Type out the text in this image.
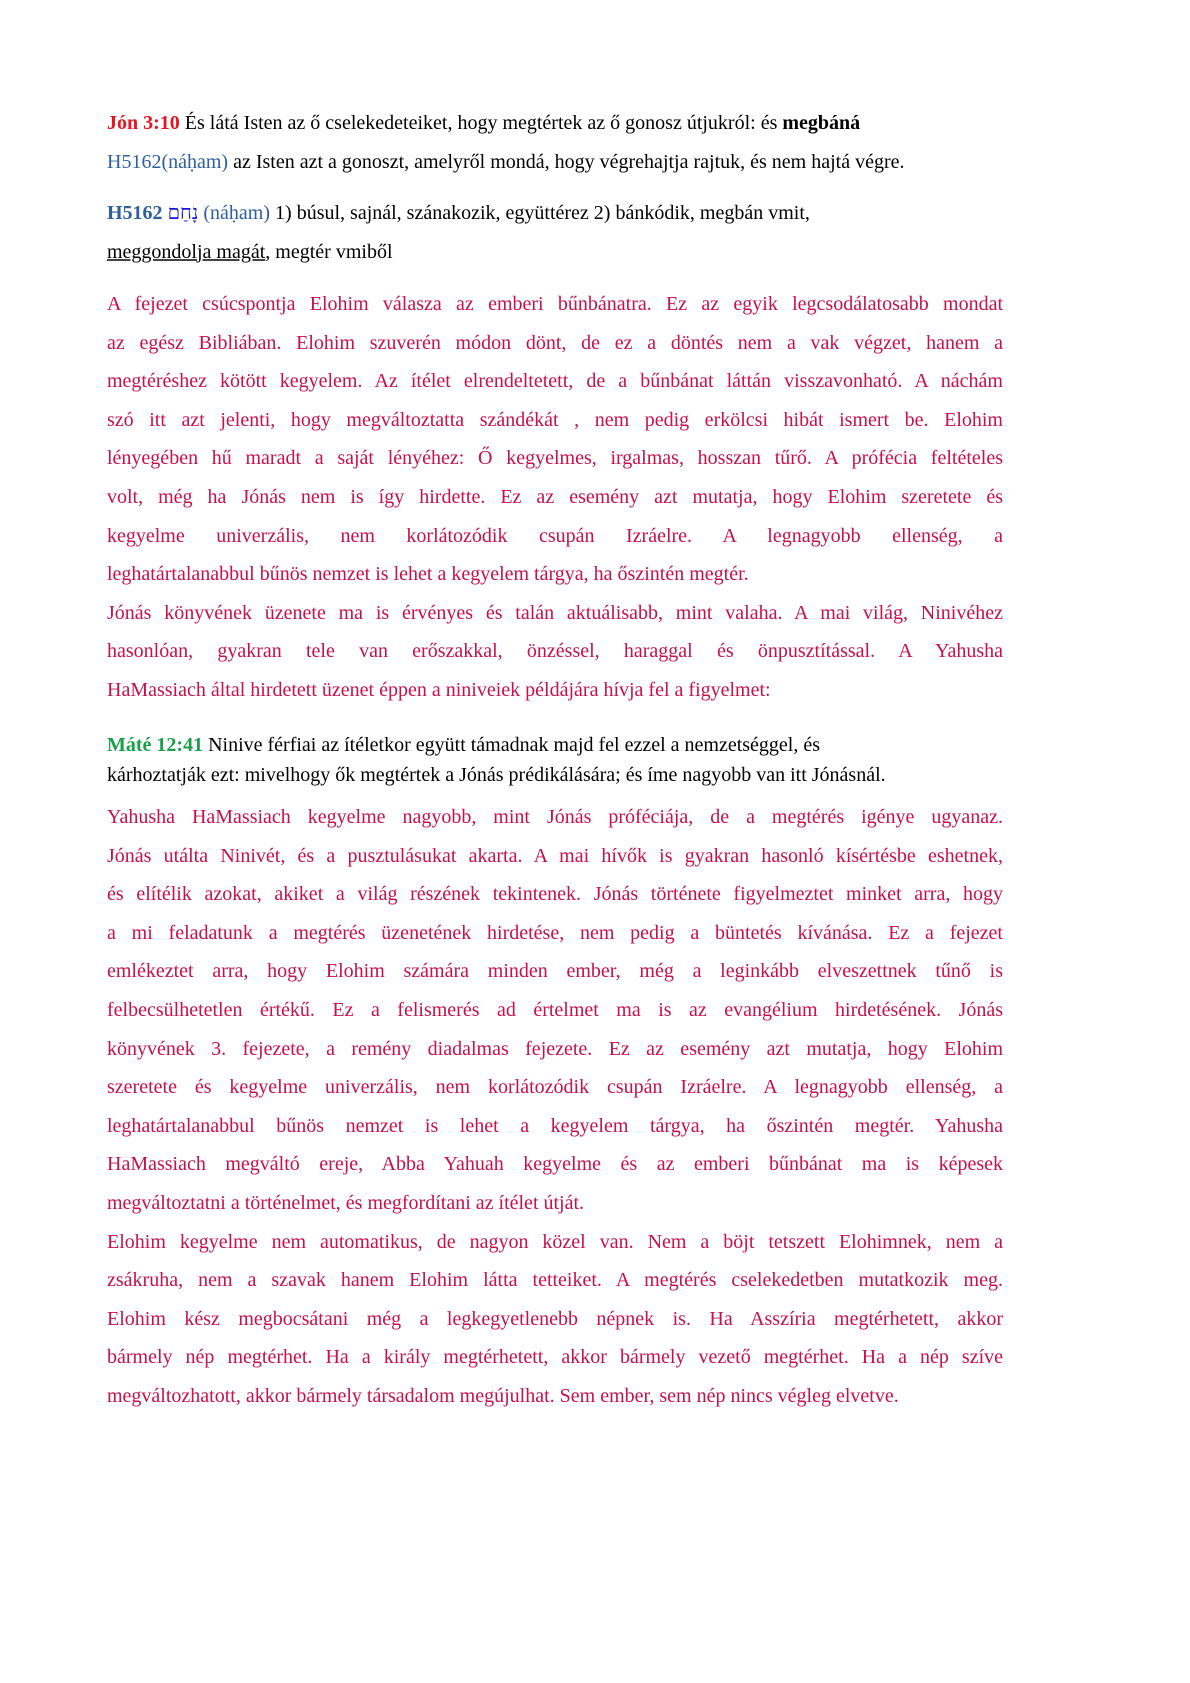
Jón 3:10 És látá Isten az ő cselekedeteiket, hogy megtértek az ő gonosz útjukról: és megbáná
H5162(náḥam) az Isten azt a gonoszt, amelyről mondá, hogy végrehajtja rajtuk, és nem hajtá végre.
H5162 נָחַם (náḥam) 1) búsul, sajnál, szánakozik, együttérez 2) bánkódik, megbán vmit,
meggondolja magát, megtér vmiből
A fejezet csúcspontja Elohim válasza az emberi bűnbánatra. Ez az egyik legcsodálatosabb mondat
az egész Bibliában. Elohim szuverén módon dönt, de ez a döntés nem a vak végzet, hanem a
megtéréshez kötött kegyelem. Az ítélet elrendeltetett, de a bűnbánat láttán visszavonható. A náchám
szó itt azt jelenti, hogy megváltoztatta szándékát , nem pedig erkölcsi hibát ismert be. Elohim
lényegében hű maradt a saját lényéhez: Ő kegyelmes, irgalmas, hosszan tűrő. A prófécia feltételes
volt, még ha Jónás nem is így hirdette. Ez az esemény azt mutatja, hogy Elohim szeretete és
kegyelme univerzális, nem korlátozódik csupán Izráelre. A legnagyobb ellenség, a
leghatártalanabbul bűnös nemzet is lehet a kegyelem tárgya, ha őszintén megtér.
Jónás könyvének üzenete ma is érvényes és talán aktuálisabb, mint valaha. A mai világ, Ninivéhez
hasonlóan, gyakran tele van erőszakkal, önzéssel, haraggal és önpusztítással. A Yahusha
HaMassiach által hirdetett üzenet éppen a niniveiek példájára hívja fel a figyelmet:
Máté 12:41 Ninive férfiai az ítéletkor együtt támadnak majd fel ezzel a nemzetséggel, és
kárhoztatják ezt: mivelhogy ők megtértek a Jónás prédikálására; és íme nagyobb van itt Jónásnál.
Yahusha HaMassiach kegyelme nagyobb, mint Jónás próféciája, de a megtérés igénye ugyanaz.
Jónás utálta Ninivét, és a pusztulásukat akarta. A mai hívők is gyakran hasonló kísértésbe eshetnek,
és elítélik azokat, akiket a világ részének tekintenek. Jónás története figyelmeztet minket arra, hogy
a mi feladatunk a megtérés üzenetének hirdetése, nem pedig a büntetés kívánása. Ez a fejezet
emlékeztet arra, hogy Elohim számára minden ember, még a leginkább elveszettnek tűnő is
felbecsülhetetlen értékű. Ez a felismerés ad értelmet ma is az evangélium hirdetésének. Jónás
könyvének 3. fejezete, a remény diadalmas fejezete. Ez az esemény azt mutatja, hogy Elohim
szeretete és kegyelme univerzális, nem korlátozódik csupán Izráelre. A legnagyobb ellenség, a
leghatártalanabbul bűnös nemzet is lehet a kegyelem tárgya, ha őszintén megtér. Yahusha
HaMassiach megváltó ereje, Abba Yahuah kegyelme és az emberi bűnbánat ma is képesek
megváltoztatni a történelmet, és megfordítani az ítélet útját.
Elohim kegyelme nem automatikus, de nagyon közel van. Nem a böjt tetszett Elohimnek, nem a
zsákruha, nem a szavak hanem Elohim látta tetteiket. A megtérés cselekedetben mutatkozik meg.
Elohim kész megbocsátani még a legkegyetlenebb népnek is. Ha Asszíria megtérhetett, akkor
bármely nép megtérhet. Ha a király megtérhetett, akkor bármely vezető megtérhet. Ha a nép szíve
megváltozhatott, akkor bármely társadalom megújulhat. Sem ember, sem nép nincs végleg elvetve.
